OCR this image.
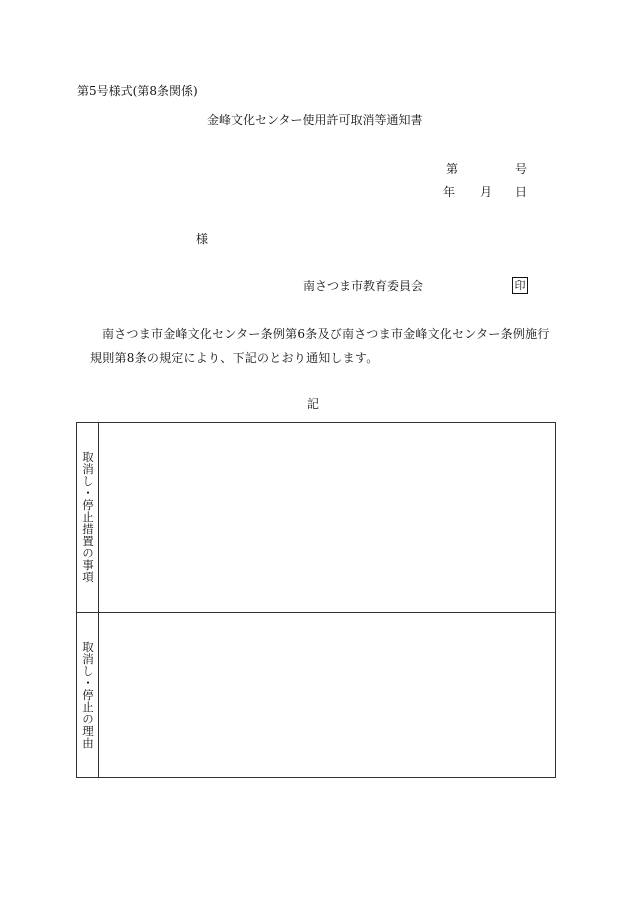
第5号様式(第8条関係)
金峰文化センター使用許可取消等通知書
第	号
年 月 日
様
南さつま市教育委員会	印
南さつま市金峰文化センター条例第6条及び南さつま市金峰文化センター条例施行規則第8条の規定により、下記のとおり通知します。
記
取消し・停止措置の事項
取消し・停止の理由
